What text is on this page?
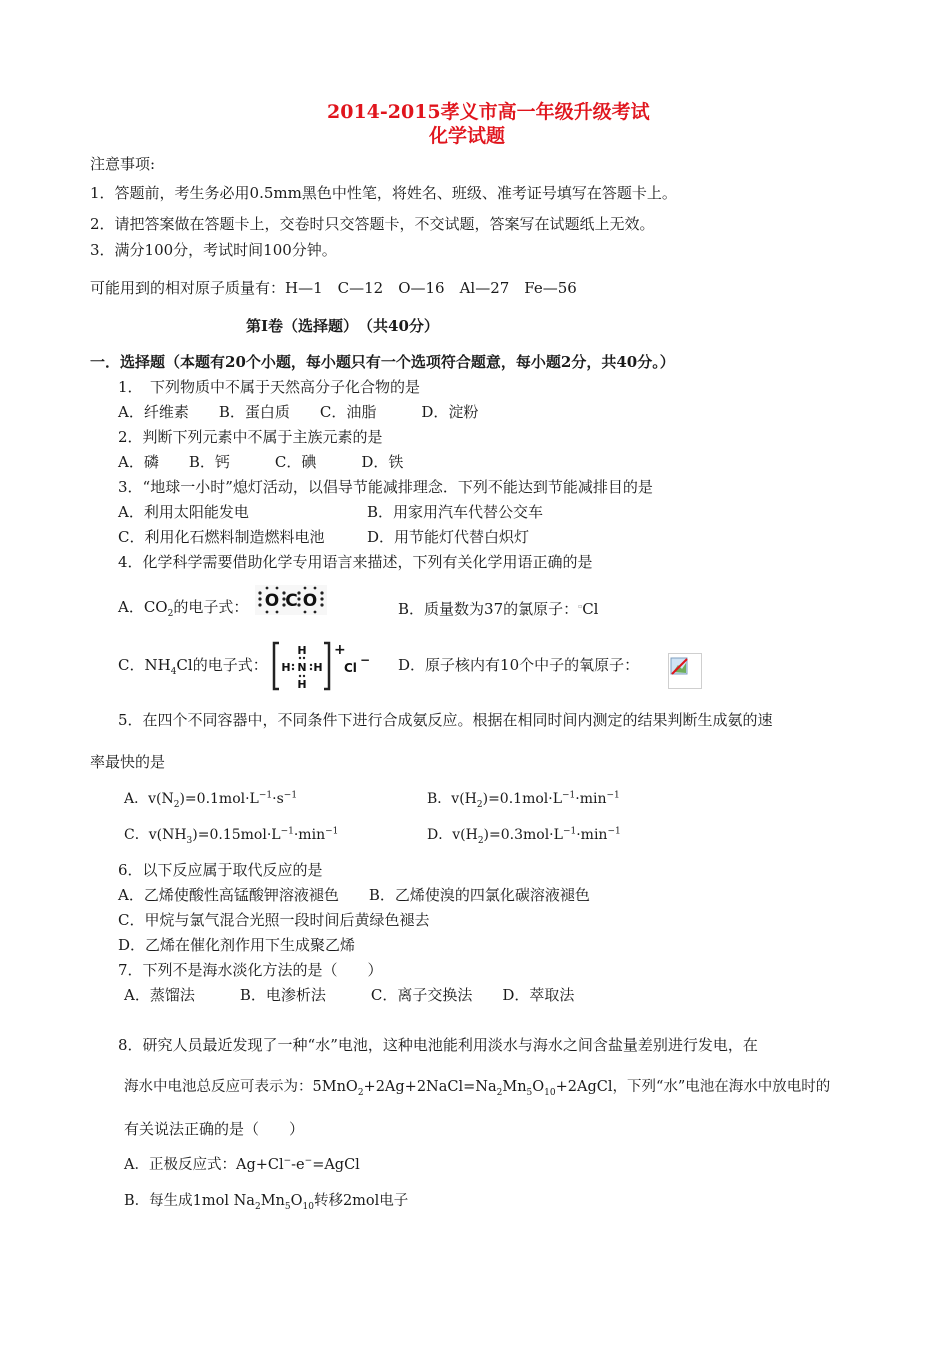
2014-2015孝义市高一年级升级考试
化学试题
注意事项:
1．答题前，考生务必用0.5mm黑色中性笔，将姓名、班级、准考证号填写在答题卡上。
2．请把答案做在答题卡上，交卷时只交答题卡，不交试题，答案写在试题纸上无效。
3．满分100分，考试时间100分钟。
可能用到的相对原子质量有：H—1　C—12　O—16　Al—27　Fe—56
第Ⅰ卷（选择题）　（共40分）
一．选择题（本题有20个小题，每小题只有一个选项符合题意，每小题2分，共40分。）
1．　下列物质中不属于天然高分子化合物的是
A．纤维素　　B．蛋白质　　C．油脂　　　D．淀粉
2．判断下列元素中不属于主族元素的是
A．磷　　B．钙　　　C．碘　　　D．铁
3．“地球一小时”熄灯活动，以倡导节能减排理念．下列不能达到节能减排目的是
A．利用太阳能发电	B．用家用汽车代替公交车
C．利用化石燃料制造燃料电池	D．用节能灯代替白炽灯
4．化学科学需要借助化学专用语言来描述，下列有关化学用语正确的是
A．$CO_2$的电子式： O C O	B．质量数为37的氯原子：▫Cl
C．$NH_4Cl$的电子式：
H
H
H H
N
+
Cl
− D．原子核内有10个中子的氧原子：
5．在四个不同容器中，不同条件下进行合成氨反应。根据在相同时间内测定的结果判断生成氨的速
率最快的是
A．$v(N_2)=0.1mol\cdot L^{-1}\cdot s^{-1}$	B．$v(H_2)=0.1mol\cdot L^{-1}\cdot\min^{-1}$
C．$v(NH_3)=0.15mol\cdot L^{-1}\cdot\min^{-1}$	D．$v(H_2)=0.3mol\cdot L^{-1}\cdot\min^{-1}$
6．以下反应属于取代反应的是
A．乙烯使酸性高锰酸钾溶液褪色　　B．乙烯使溴的四氯化碳溶液褪色
C．甲烷与氯气混合光照一段时间后黄绿色褪去
D．乙烯在催化剂作用下生成聚乙烯
7．下列不是海水淡化方法的是（　　）
A．蒸馏法　　　B．电渗析法　　　C．离子交换法　　D．萃取法
8．研究人员最近发现了一种“水”电池，这种电池能利用淡水与海水之间含盐量差别进行发电，在
海水中电池总反应可表示为：$5MnO_2+2Ag+2NaCl=Na_2Mn_5O_{10}+2AgCl$，下列“水”电池在海水中放电时的
有关说法正确的是（　　）
A．正极反应式：Ag+Cl−-e−=AgCl
B．每生成1mol $Na_2Mn_5O_{10}$转移2mol电子
